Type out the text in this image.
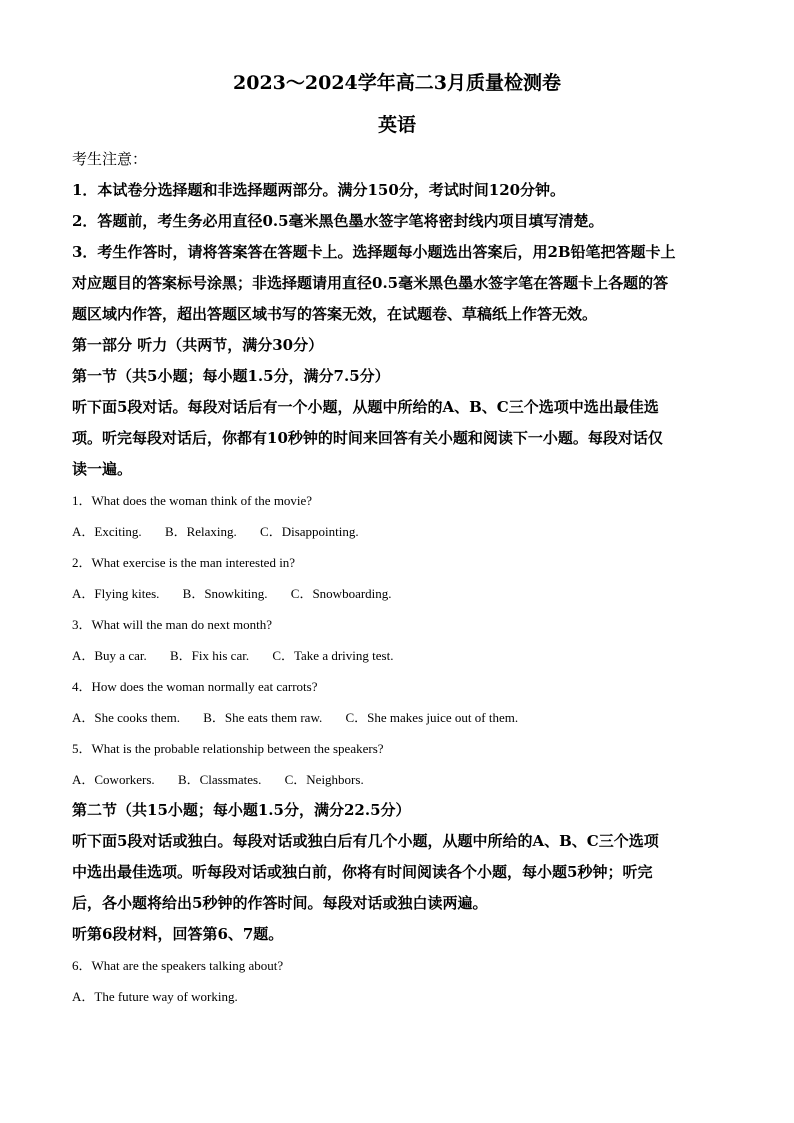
2023～2024学年高二3月质量检测卷
英语
考生注意：
1．本试卷分选择题和非选择题两部分。满分150分，考试时间120分钟。
2．答题前，考生务必用直径0.5毫米黑色墨水签字笔将密封线内项目填写清楚。
3．考生作答时，请将答案答在答题卡上。选择题每小题选出答案后，用2B铅笔把答题卡上
对应题目的答案标号涂黑；非选择题请用直径0.5毫米黑色墨水签字笔在答题卡上各题的答
题区域内作答，超出答题区域书写的答案无效，在试题卷、草稿纸上作答无效。
第一部分 听力（共两节，满分30分）
第一节（共5小题；每小题1.5分，满分7.5分）
听下面5段对话。每段对话后有一个小题，从题中所给的A、B、C三个选项中选出最佳选
项。听完每段对话后，你都有10秒钟的时间来回答有关小题和阅读下一小题。每段对话仅
读一遍。
1．What does the woman think of the movie?
A．Exciting. B．Relaxing. C．Disappointing.
2．What exercise is the man interested in?
A．Flying kites. B．Snowkiting. C．Snowboarding.
3．What will the man do next month?
A．Buy a car. B．Fix his car. C．Take a driving test.
4．How does the woman normally eat carrots?
A．She cooks them. B．She eats them raw. C．She makes juice out of them.
5．What is the probable relationship between the speakers?
A．Coworkers. B．Classmates. C．Neighbors.
第二节（共15小题；每小题1.5分，满分22.5分）
听下面5段对话或独白。每段对话或独白后有几个小题，从题中所给的A、B、C三个选项
中选出最佳选项。听每段对话或独白前，你将有时间阅读各个小题，每小题5秒钟；听完
后，各小题将给出5秒钟的作答时间。每段对话或独白读两遍。
听第6段材料，回答第6、7题。
6．What are the speakers talking about?
A．The future way of working.
